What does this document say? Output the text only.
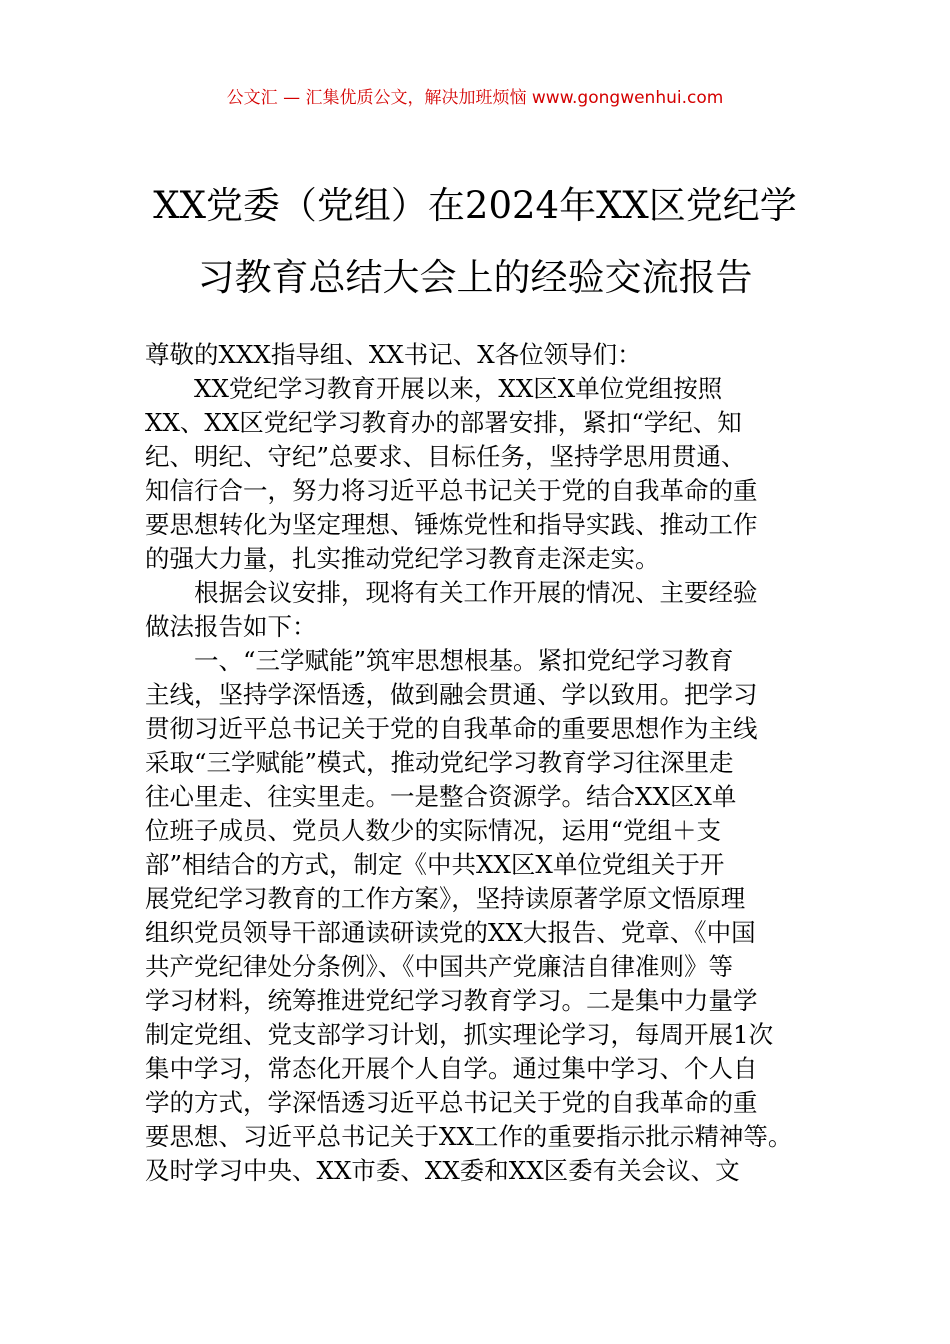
公文汇 — 汇集优质公文，解决加班烦恼 www.gongwenhui.com
XX党委（党组）在2024年XX区党纪学
习教育总结大会上的经验交流报告
尊敬的XXX指导组、XX书记、X各位领导们：
XX党纪学习教育开展以来，XX区X单位党组按照
XX、XX区党纪学习教育办的部署安排，紧扣“学纪、知
纪、明纪、守纪”总要求、目标任务，坚持学思用贯通、
知信行合一，努力将习近平总书记关于党的自我革命的重
要思想转化为坚定理想、锤炼党性和指导实践、推动工作
的强大力量，扎实推动党纪学习教育走深走实。
根据会议安排，现将有关工作开展的情况、主要经验
做法报告如下：
一、“三学赋能”筑牢思想根基。紧扣党纪学习教育
主线，坚持学深悟透，做到融会贯通、学以致用。把学习
贯彻习近平总书记关于党的自我革命的重要思想作为主线
采取“三学赋能”模式，推动党纪学习教育学习往深里走
往心里走、往实里走。一是整合资源学。结合XX区X单
位班子成员、党员人数少的实际情况，运用“党组＋支
部”相结合的方式，制定《中共XX区X单位党组关于开
展党纪学习教育的工作方案》，坚持读原著学原文悟原理
组织党员领导干部通读研读党的XX大报告、党章、《中国
共产党纪律处分条例》、《中国共产党廉洁自律准则》等
学习材料，统筹推进党纪学习教育学习。二是集中力量学
制定党组、党支部学习计划，抓实理论学习，每周开展1次
集中学习，常态化开展个人自学。通过集中学习、个人自
学的方式，学深悟透习近平总书记关于党的自我革命的重
要思想、习近平总书记关于XX工作的重要指示批示精神等。
及时学习中央、XX市委、XX委和XX区委有关会议、文
